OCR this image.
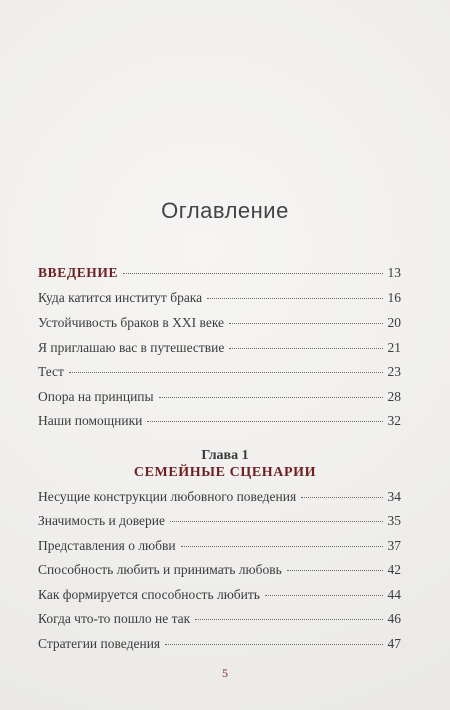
Оглавление
ВВЕДЕНИЕ	13
Куда катится институт брака	16
Устойчивость браков в XXI веке	20
Я приглашаю вас в путешествие	21
Тест	23
Опора на принципы	28
Наши помощники	32
Глава 1
СЕМЕЙНЫЕ СЦЕНАРИИ
Несущие конструкции любовного поведения	34
Значимость и доверие	35
Представления о любви	37
Способность любить и принимать любовь	42
Как формируется способность любить	44
Когда что-то пошло не так	46
Стратегии поведения	47
5
